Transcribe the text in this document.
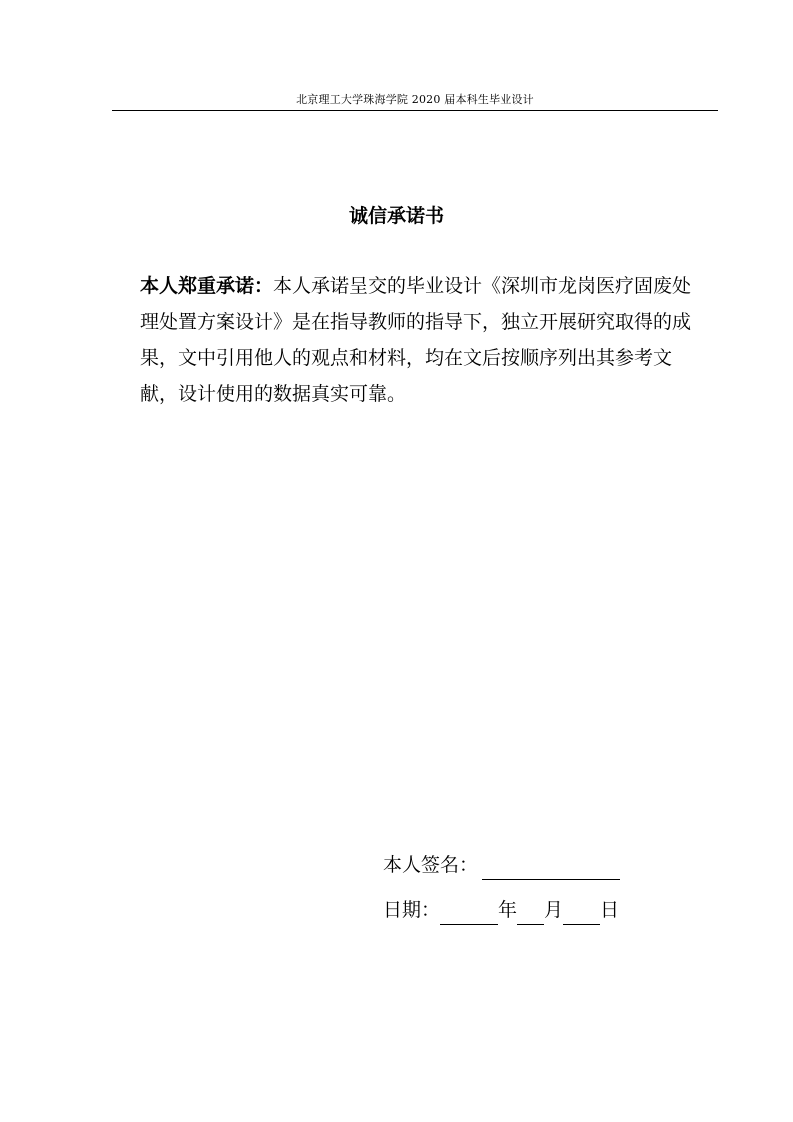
北京理工大学珠海学院 2020 届本科生毕业设计
诚信承诺书

本人郑重承诺：本人承诺呈交的毕业设计《深圳市龙岗医疗固废处理处置方案设计》是在指导教师的指导下，独立开展研究取得的成果，文中引用他人的观点和材料，均在文后按顺序列出其参考文献，设计使用的数据真实可靠。

本人签名：
日期：	年 月 日
